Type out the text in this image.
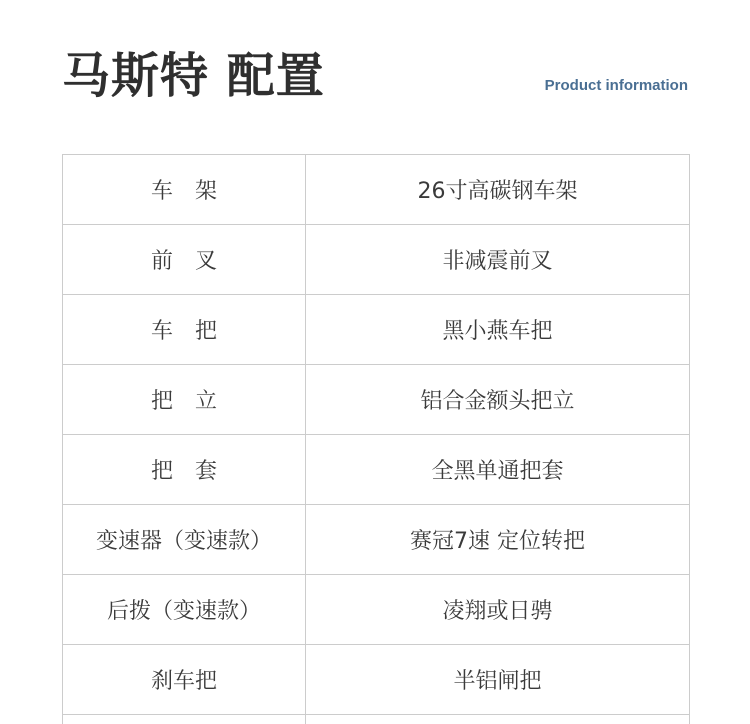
马斯特 配置	Product information
车　架	26寸高碳钢车架
前　叉	非减震前叉
车　把	黑小燕车把
把　立	铝合金额头把立
把　套	全黑单通把套
变速器（变速款）	赛冠7速 定位转把
后拨（变速款）	凌翔或日骋
刹车把	半铝闸把
